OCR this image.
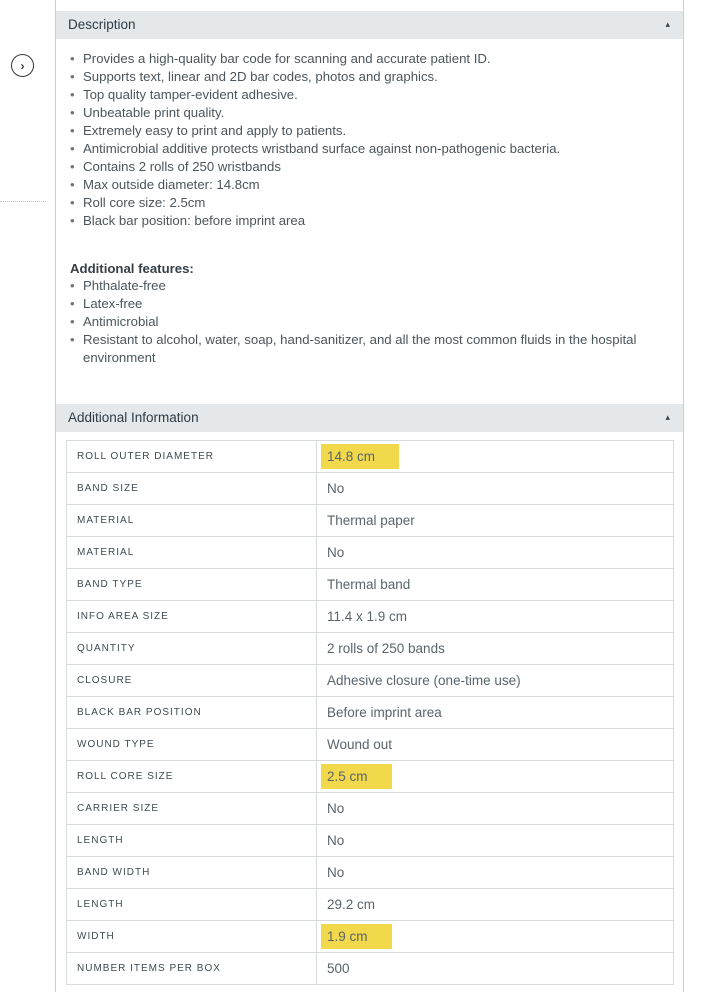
›
Description	▴
• Provides a high-quality bar code for scanning and accurate patient ID.
• Supports text, linear and 2D bar codes, photos and graphics.
• Top quality tamper-evident adhesive.
• Unbeatable print quality.
• Extremely easy to print and apply to patients.
• Antimicrobial additive protects wristband surface against non-pathogenic bacteria.
• Contains 2 rolls of 250 wristbands
• Max outside diameter: 14.8cm
• Roll core size: 2.5cm
• Black bar position: before imprint area
Additional features:
• Phthalate-free
• Latex-free
• Antimicrobial
• Resistant to alcohol, water, soap, hand-sanitizer, and all the most common fluids in the hospital environment
Additional Information	▴
ROLL OUTER DIAMETER	14.8 cm
BAND SIZE	No
MATERIAL	Thermal paper
MATERIAL	No
BAND TYPE	Thermal band
INFO AREA SIZE	11.4 x 1.9 cm
QUANTITY	2 rolls of 250 bands
CLOSURE	Adhesive closure (one-time use)
BLACK BAR POSITION	Before imprint area
WOUND TYPE	Wound out
ROLL CORE SIZE	2.5 cm
CARRIER SIZE	No
LENGTH	No
BAND WIDTH	No
LENGTH	29.2 cm
WIDTH	1.9 cm
NUMBER ITEMS PER BOX	500
